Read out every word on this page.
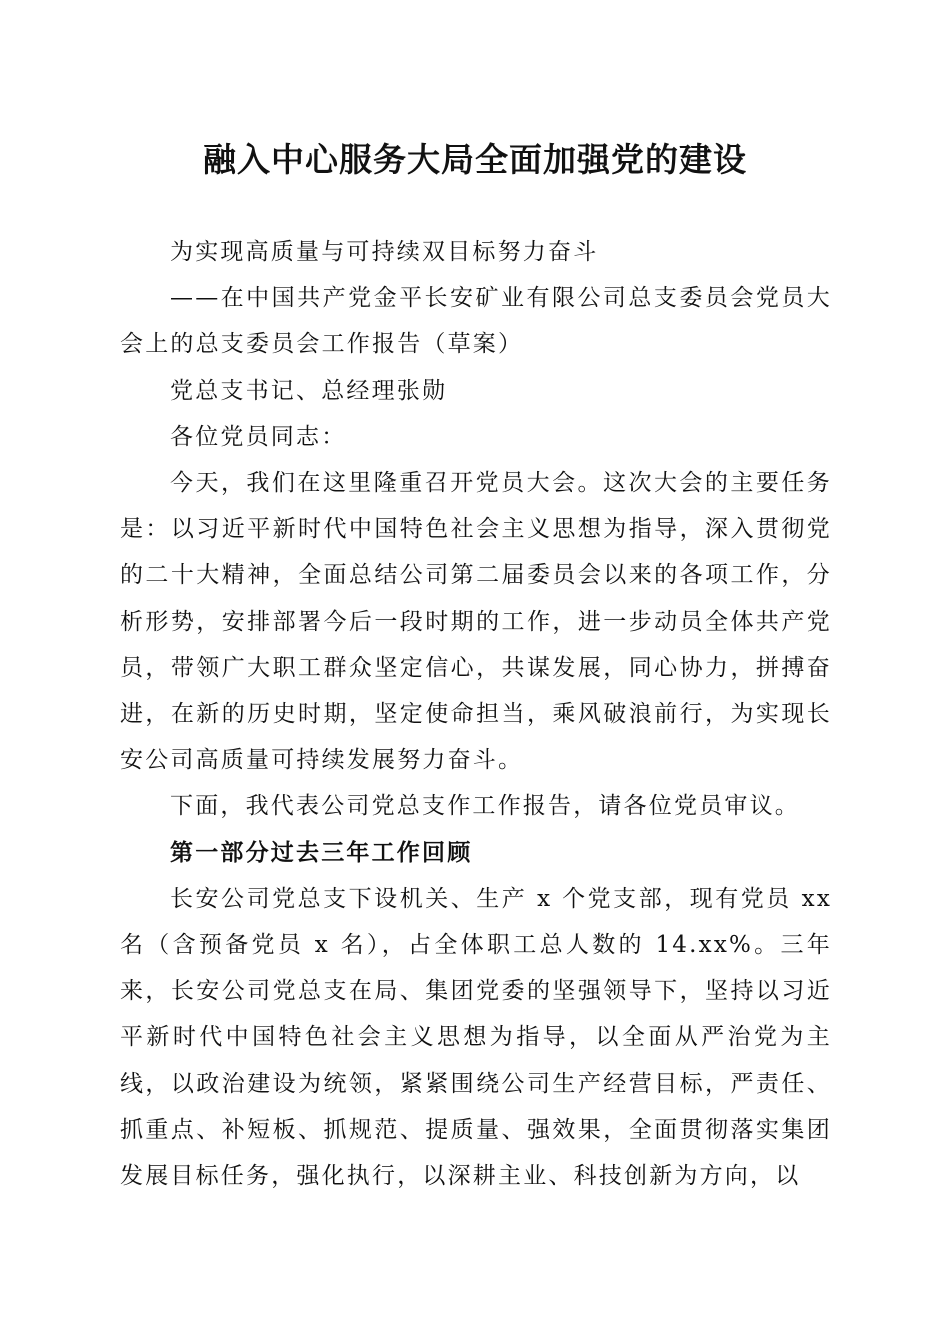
融入中心服务大局全面加强党的建设

为实现高质量与可持续双目标努力奋斗

——在中国共产党金平长安矿业有限公司总支委员会党员大会上的总支委员会工作报告（草案）

党总支书记、总经理张勋

各位党员同志：

今天，我们在这里隆重召开党员大会。这次大会的主要任务是：以习近平新时代中国特色社会主义思想为指导，深入贯彻党的二十大精神，全面总结公司第二届委员会以来的各项工作，分析形势，安排部署今后一段时期的工作，进一步动员全体共产党员，带领广大职工群众坚定信心，共谋发展，同心协力，拼搏奋进，在新的历史时期，坚定使命担当，乘风破浪前行，为实现长安公司高质量可持续发展努力奋斗。

下面，我代表公司党总支作工作报告，请各位党员审议。

第一部分过去三年工作回顾

长安公司党总支下设机关、生产 x 个党支部，现有党员 xx 名（含预备党员 x 名），占全体职工总人数的 14.xx%。三年来，长安公司党总支在局、集团党委的坚强领导下，坚持以习近平新时代中国特色社会主义思想为指导，以全面从严治党为主线，以政治建设为统领，紧紧围绕公司生产经营目标，严责任、抓重点、补短板、抓规范、提质量、强效果，全面贯彻落实集团发展目标任务，强化执行，以深耕主业、科技创新为方向，以
